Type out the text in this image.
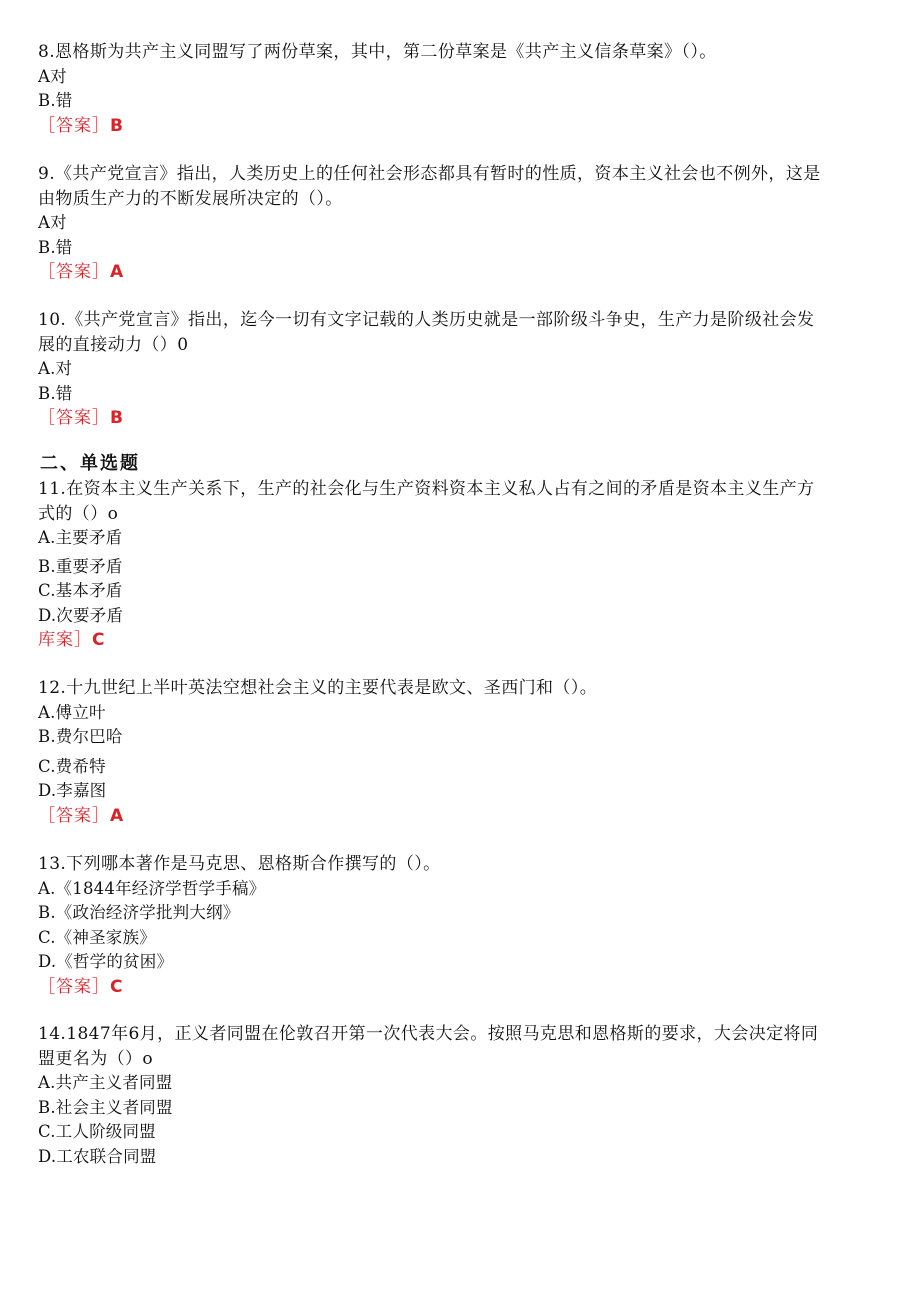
8.恩格斯为共产主义同盟写了两份草案，其中，第二份草案是《共产主义信条草案》（）。
A对
B.错
［答案］B
9.《共产党宣言》指出，人类历史上的任何社会形态都具有暂时的性质，资本主义社会也不例外，这是
由物质生产力的不断发展所决定的（）。
A对
B.错
［答案］A
10.《共产党宣言》指出，迄今一切有文字记载的人类历史就是一部阶级斗争史，生产力是阶级社会发
展的直接动力（）0
A.对
B.错
［答案］B
二、单选题
11.在资本主义生产关系下，生产的社会化与生产资料资本主义私人占有之间的矛盾是资本主义生产方
式的（）o
A.主要矛盾
B.重要矛盾
C.基本矛盾
D.次要矛盾
库案］C
12.十九世纪上半叶英法空想社会主义的主要代表是欧文、圣西门和（）。
A.傅立叶
B.费尔巴哈
C.费希特
D.李嘉图
［答案］A
13.下列哪本著作是马克思、恩格斯合作撰写的（）。
A.《1844年经济学哲学手稿》
B.《政治经济学批判大纲》
C.《神圣家族》
D.《哲学的贫困》
［答案］C
14.1847年6月，正义者同盟在伦敦召开第一次代表大会。按照马克思和恩格斯的要求，大会决定将同
盟更名为（）o
A.共产主义者同盟
B.社会主义者同盟
C.工人阶级同盟
D.工农联合同盟
